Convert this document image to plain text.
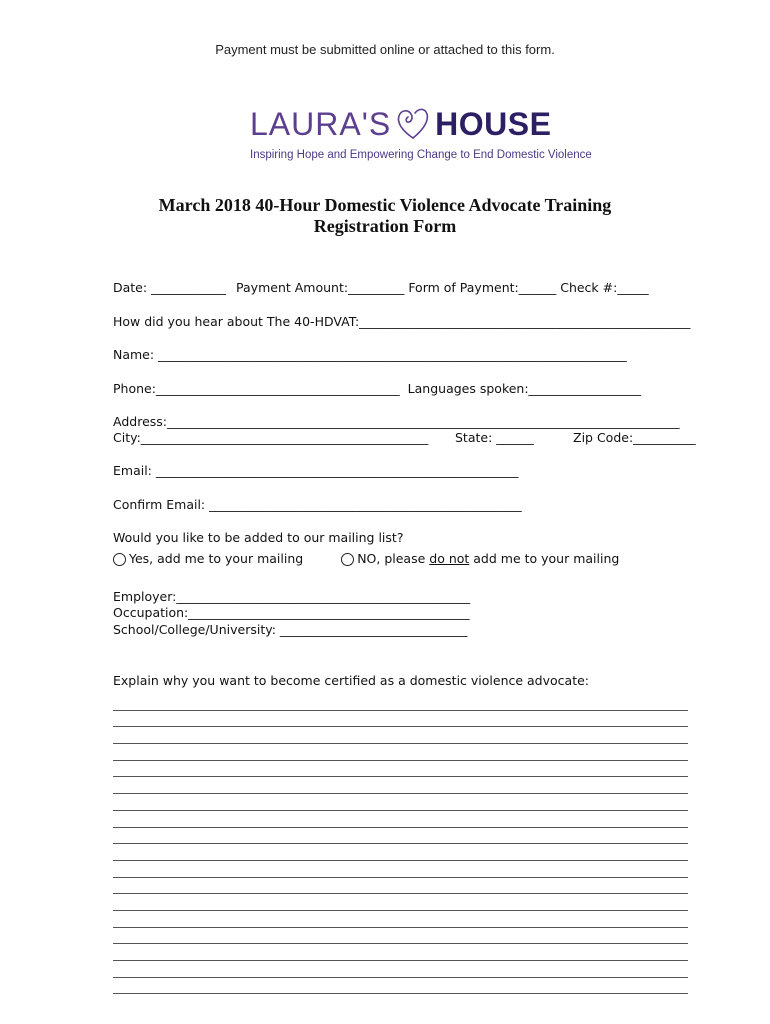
Payment must be submitted online or attached to this form.
LAURA'S HOUSE
Inspiring Hope and Empowering Change to End Domestic Violence
March 2018 40-Hour Domestic Violence Advocate Training
Registration Form
Date: ____________ Payment Amount:_________ Form of Payment:______ Check #:_____
How did you hear about The 40-HDVAT:_____________________________________________________
Name: ___________________________________________________________________________
Phone:_______________________________________ Languages spoken:__________________
Address:__________________________________________________________________________________
City:______________________________________________ State: ______	Zip Code:__________
Email: __________________________________________________________
Confirm Email: __________________________________________________
Would you like to be added to our mailing list?
Yes, add me to your mailing	NO, please do not add me to your mailing
Employer:_______________________________________________
Occupation:_____________________________________________
School/College/University: ______________________________
Explain why you want to become certified as a domestic violence advocate:
